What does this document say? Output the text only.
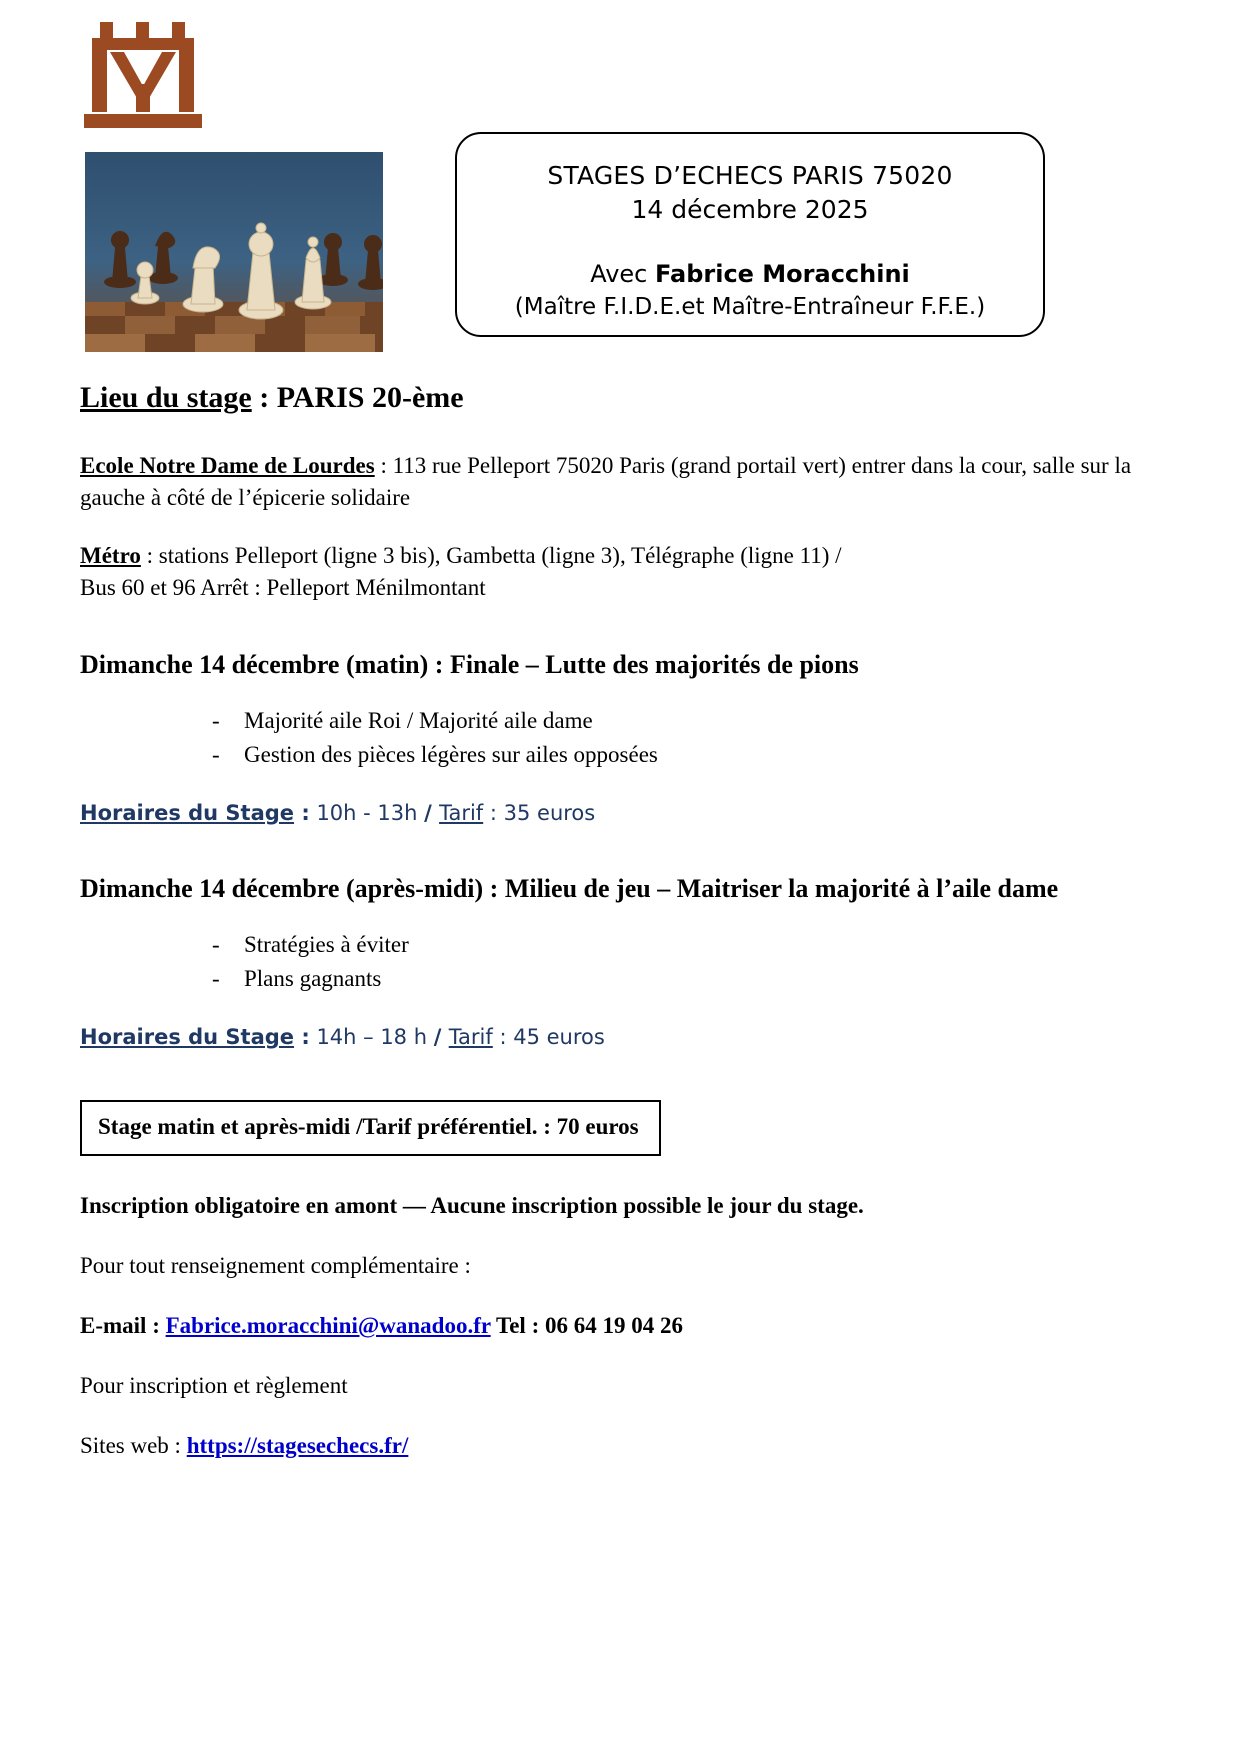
STAGES D’ECHECS PARIS 75020
14 décembre 2025
Avec Fabrice Moracchini
(Maître F.I.D.E.et Maître-Entraîneur F.F.E.)
Lieu du stage : PARIS 20-ème

Ecole Notre Dame de Lourdes : 113 rue Pelleport 75020 Paris (grand portail vert) entrer dans la cour, salle sur la gauche à côté de l’épicerie solidaire

Métro : stations Pelleport (ligne 3 bis), Gambetta (ligne 3), Télégraphe (ligne 11) /
Bus 60 et 96 Arrêt : Pelleport Ménilmontant

Dimanche 14 décembre (matin) : Finale – Lutte des majorités de pions
- Majorité aile Roi / Majorité aile dame
- Gestion des pièces légères sur ailes opposées

Horaires du Stage : 10h - 13h / Tarif : 35 euros

Dimanche 14 décembre (après-midi) : Milieu de jeu – Maitriser la majorité à l’aile dame
- Stratégies à éviter
- Plans gagnants

Horaires du Stage : 14h – 18 h / Tarif : 45 euros

Stage matin et après-midi /Tarif préférentiel. : 70 euros

Inscription obligatoire en amont — Aucune inscription possible le jour du stage.

Pour tout renseignement complémentaire :

E-mail : Fabrice.moracchini@wanadoo.fr Tel : 06 64 19 04 26

Pour inscription et règlement

Sites web : https://stagesechecs.fr/
